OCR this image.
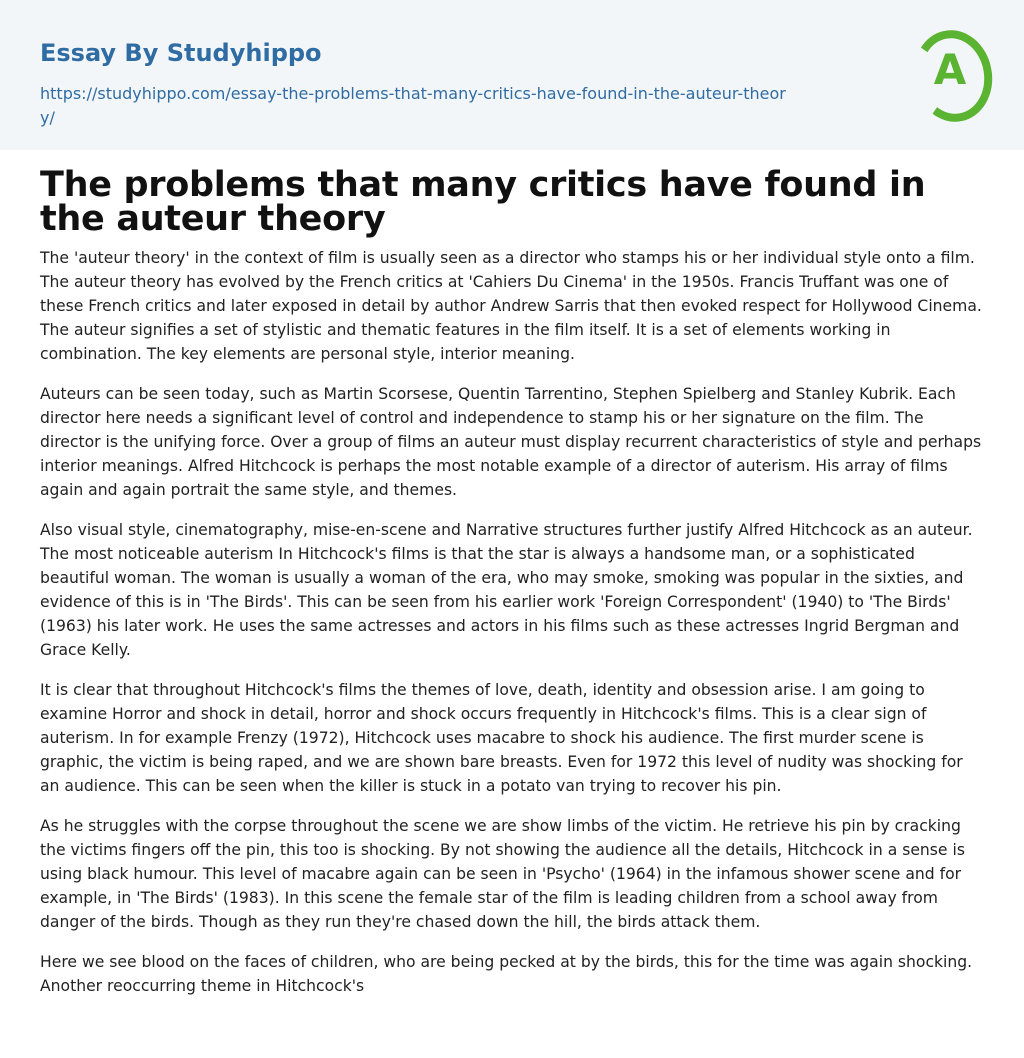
Essay By Studyhippo
https://studyhippo.com/essay-the-problems-that-many-critics-have-found-in-the-auteur-theory/
A
The problems that many critics have found in the auteur theory

The 'auteur theory' in the context of film is usually seen as a director who stamps his or her individual style onto a film. The auteur theory has evolved by the French critics at 'Cahiers Du Cinema' in the 1950s. Francis Truffant was one of these French critics and later exposed in detail by author Andrew Sarris that then evoked respect for Hollywood Cinema. The auteur signifies a set of stylistic and thematic features in the film itself. It is a set of elements working in combination. The key elements are personal style, interior meaning.

Auteurs can be seen today, such as Martin Scorsese, Quentin Tarrentino, Stephen Spielberg and Stanley Kubrik. Each director here needs a significant level of control and independence to stamp his or her signature on the film. The director is the unifying force. Over a group of films an auteur must display recurrent characteristics of style and perhaps interior meanings. Alfred Hitchcock is perhaps the most notable example of a director of auterism. His array of films again and again portrait the same style, and themes.

Also visual style, cinematography, mise-en-scene and Narrative structures further justify Alfred Hitchcock as an auteur. The most noticeable auterism In Hitchcock's films is that the star is always a handsome man, or a sophisticated beautiful woman. The woman is usually a woman of the era, who may smoke, smoking was popular in the sixties, and evidence of this is in 'The Birds'. This can be seen from his earlier work 'Foreign Correspondent' (1940) to 'The Birds' (1963) his later work. He uses the same actresses and actors in his films such as these actresses Ingrid Bergman and Grace Kelly.

It is clear that throughout Hitchcock's films the themes of love, death, identity and obsession arise. I am going to examine Horror and shock in detail, horror and shock occurs frequently in Hitchcock's films. This is a clear sign of auterism. In for example Frenzy (1972), Hitchcock uses macabre to shock his audience. The first murder scene is graphic, the victim is being raped, and we are shown bare breasts. Even for 1972 this level of nudity was shocking for an audience. This can be seen when the killer is stuck in a potato van trying to recover his pin.

As he struggles with the corpse throughout the scene we are show limbs of the victim. He retrieve his pin by cracking the victims fingers off the pin, this too is shocking. By not showing the audience all the details, Hitchcock in a sense is using black humour. This level of macabre again can be seen in 'Psycho' (1964) in the infamous shower scene and for example, in 'The Birds' (1983). In this scene the female star of the film is leading children from a school away from danger of the birds. Though as they run they're chased down the hill, the birds attack them.

Here we see blood on the faces of children, who are being pecked at by the birds, this for the time was again shocking. Another reoccurring theme in Hitchcock's
